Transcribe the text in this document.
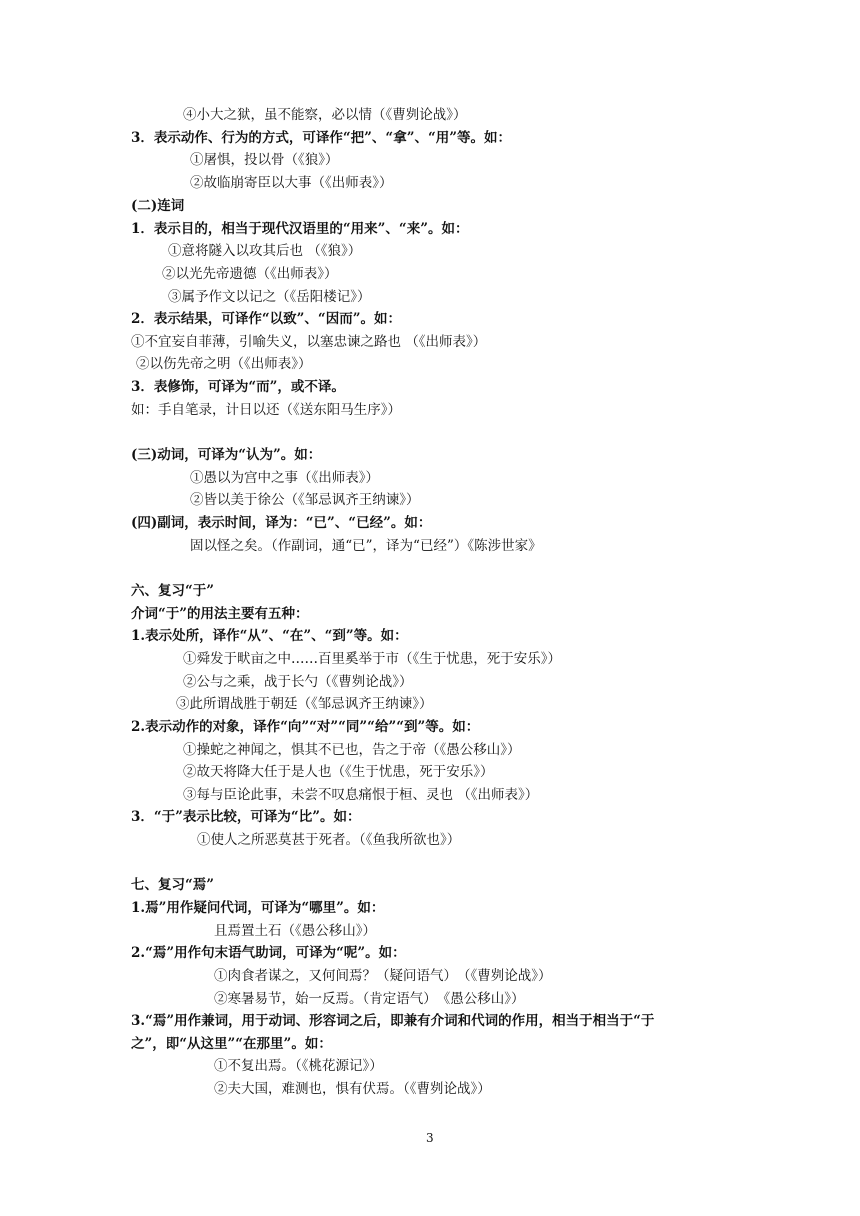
④小大之狱，虽不能察，必以情（《曹刿论战》）
3．表示动作、行为的方式，可译作“把”、“拿”、“用”等。如：
①屠惧，投以骨（《狼》）
②故临崩寄臣以大事（《出师表》）
(二)连词
1．表示目的，相当于现代汉语里的“用来”、“来”。如：
①意将隧入以攻其后也 （《狼》）
②以光先帝遗德（《出师表》）
③属予作文以记之（《岳阳楼记》）
2．表示结果，可译作“以致”、“因而”。如：
①不宜妄自菲薄，引喻失义，以塞忠谏之路也 （《出师表》）
②以伤先帝之明（《出师表》）
3．表修饰，可译为“而”，或不译。
如：手自笔录，计日以还（《送东阳马生序》）
(三)动词，可译为“认为”。如：
①愚以为宫中之事（《出师表》）
②皆以美于徐公（《邹忌讽齐王纳谏》）
(四)副词，表示时间，译为：“已”、“已经”。如：
固以怪之矣。（作副词，通“已”，译为“已经”）《陈涉世家》
六、复习“于”
介词“于”的用法主要有五种：
1.表示处所，译作“从”、“在”、“到”等。如：
①舜发于畎亩之中……百里奚举于市（《生于忧患，死于安乐》）
②公与之乘，战于长勺（《曹刿论战》）
③此所谓战胜于朝廷（《邹忌讽齐王纳谏》）
2.表示动作的对象，译作“向”“对”“同”“给”“到”等。如：
①操蛇之神闻之，惧其不已也，告之于帝（《愚公移山》）
②故天将降大任于是人也（《生于忧患，死于安乐》）
③每与臣论此事，未尝不叹息痛恨于桓、灵也 （《出师表》）
3．“于”表示比较，可译为“比”。如：
①使人之所恶莫甚于死者。（《鱼我所欲也》）
七、复习“焉”
1.焉”用作疑问代词，可译为“哪里”。如：
且焉置土石（《愚公移山》）
2.“焉”用作句末语气助词，可译为“呢”。如：
①肉食者谋之，又何间焉？（疑问语气）　（《曹刿论战》）
②寒暑易节，始一反焉。（肯定语气）　《愚公移山》）
3.“焉”用作兼词，用于动词、形容词之后，即兼有介词和代词的作用，相当于相当于“于
之”，即“从这里”“在那里”。如：
①不复出焉。（《桃花源记》）
②夫大国，难测也，惧有伏焉。（《曹刿论战》）
3
